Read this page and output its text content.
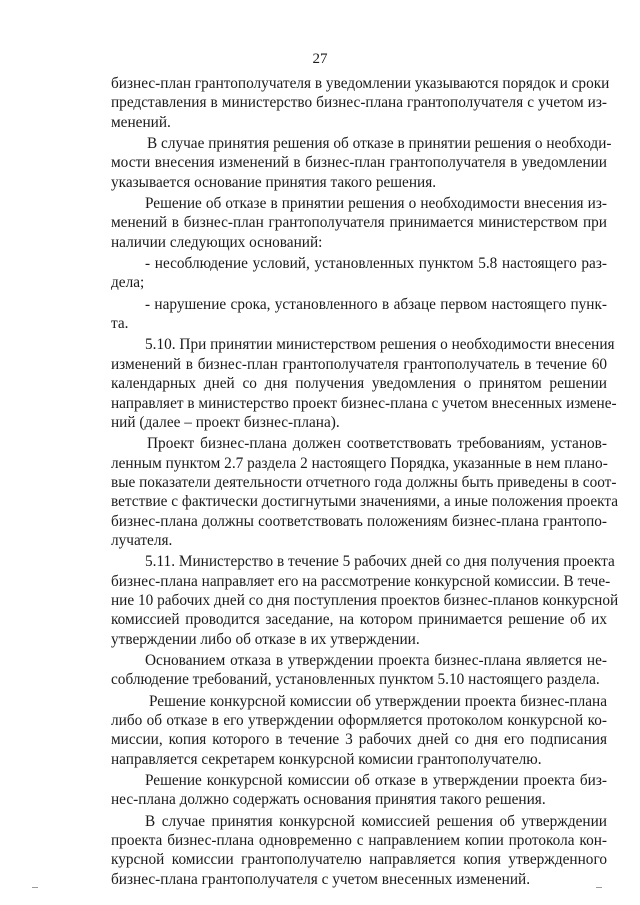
27
бизнес-план грантополучателя в уведомлении указываются порядок и сроки
представления в министерство бизнес-плана грантополучателя с учетом из-
менений.
В случае принятия решения об отказе в принятии решения о необходи-
мости внесения изменений в бизнес-план грантополучателя в уведомлении
указывается основание принятия такого решения.
Решение об отказе в принятии решения о необходимости внесения из-
менений в бизнес-план грантополучателя принимается министерством при
наличии следующих оснований:
- несоблюдение условий, установленных пунктом 5.8 настоящего раз-
дела;
- нарушение срока, установленного в абзаце первом настоящего пунк-
та.
5.10. При принятии министерством решения о необходимости внесения
изменений в бизнес-план грантополучателя грантополучатель в течение 60
календарных дней со дня получения уведомления о принятом решении
направляет в министерство проект бизнес-плана с учетом внесенных измене-
ний (далее – проект бизнес-плана).
Проект бизнес-плана должен соответствовать требованиям, установ-
ленным пунктом 2.7 раздела 2 настоящего Порядка, указанные в нем плано-
вые показатели деятельности отчетного года должны быть приведены в соот-
ветствие с фактически достигнутыми значениями, а иные положения проекта
бизнес-плана должны соответствовать положениям бизнес-плана грантопо-
лучателя.
5.11. Министерство в течение 5 рабочих дней со дня получения проекта
бизнес-плана направляет его на рассмотрение конкурсной комиссии. В тече-
ние 10 рабочих дней со дня поступления проектов бизнес-планов конкурсной
комиссией проводится заседание, на котором принимается решение об их
утверждении либо об отказе в их утверждении.
Основанием отказа в утверждении проекта бизнес-плана является не-
соблюдение требований, установленных пунктом 5.10 настоящего раздела.
Решение конкурсной комиссии об утверждении проекта бизнес-плана
либо об отказе в его утверждении оформляется протоколом конкурсной ко-
миссии, копия которого в течение 3 рабочих дней со дня его подписания
направляется секретарем конкурсной комисии грантополучателю.
Решение конкурсной комиссии об отказе в утверждении проекта биз-
нес-плана должно содержать основания принятия такого решения.
В случае принятия конкурсной комиссией решения об утверждении
проекта бизнес-плана одновременно с направлением копии протокола кон-
курсной комиссии грантополучателю направляется копия утвержденного
бизнес-плана грантополучателя с учетом внесенных изменений.
